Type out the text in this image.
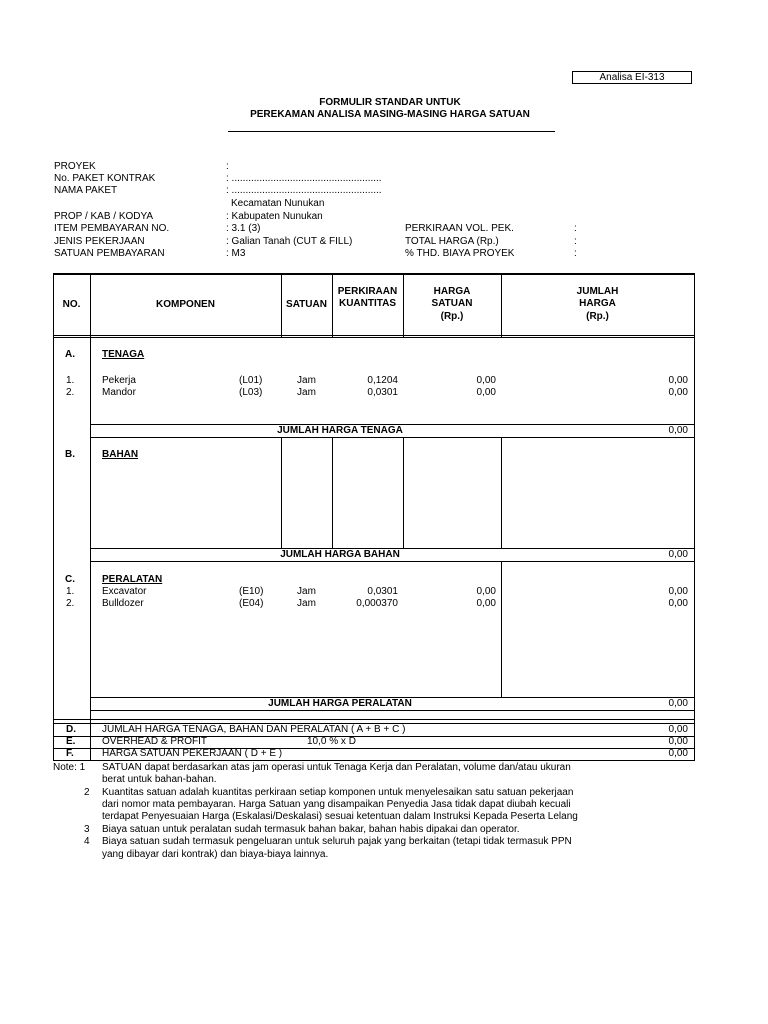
Analisa EI-313
FORMULIR STANDAR UNTUK
PEREKAMAN ANALISA MASING-MASING HARGA SATUAN
PROYEK	:
No. PAKET KONTRAK	: ......................................................
NAMA PAKET	: ......................................................
Kecamatan Nunukan
PROP / KAB / KODYA	: Kabupaten Nunukan
ITEM PEMBAYARAN NO.	: 3.1 (3)
JENIS PEKERJAAN	: Galian Tanah (CUT & FILL)
SATUAN PEMBAYARAN	: M3
PERKIRAAN VOL. PEK.	:
TOTAL HARGA (Rp.)	:
% THD. BIAYA PROYEK	:
NO.	KOMPONEN	SATUAN
PERKIRAAN
KUANTITAS
HARGA
SATUAN
(Rp.)
JUMLAH
HARGA
(Rp.)
A.	TENAGA
1.	Pekerja	(L01)	Jam	0,1204	0,00	0,00
2.	Mandor	(L03)	Jam	0,0301	0,00	0,00
JUMLAH HARGA TENAGA	0,00
B.	BAHAN
JUMLAH HARGA BAHAN	0,00
C.	PERALATAN
1.	Excavator	(E10)	Jam	0,0301	0,00	0,00
2.	Bulldozer	(E04)	Jam	0,000370	0,00	0,00
JUMLAH HARGA PERALATAN	0,00
D.	JUMLAH HARGA TENAGA, BAHAN DAN PERALATAN ( A + B + C )	0,00
E.	OVERHEAD & PROFIT	10,0 % x D	0,00
F.	HARGA SATUAN PEKERJAAN ( D + E )	0,00
Note: 1 SATUAN dapat berdasarkan atas jam operasi untuk Tenaga Kerja dan Peralatan, volume dan/atau ukuran
berat untuk bahan-bahan.
2 Kuantitas satuan adalah kuantitas perkiraan setiap komponen untuk menyelesaikan satu satuan pekerjaan
dari nomor mata pembayaran. Harga Satuan yang disampaikan Penyedia Jasa tidak dapat diubah kecuali
terdapat Penyesuaian Harga (Eskalasi/Deskalasi) sesuai ketentuan dalam Instruksi Kepada Peserta Lelang
3 Biaya satuan untuk peralatan sudah termasuk bahan bakar, bahan habis dipakai dan operator.
4 Biaya satuan sudah termasuk pengeluaran untuk seluruh pajak yang berkaitan (tetapi tidak termasuk PPN
yang dibayar dari kontrak) dan biaya-biaya lainnya.
